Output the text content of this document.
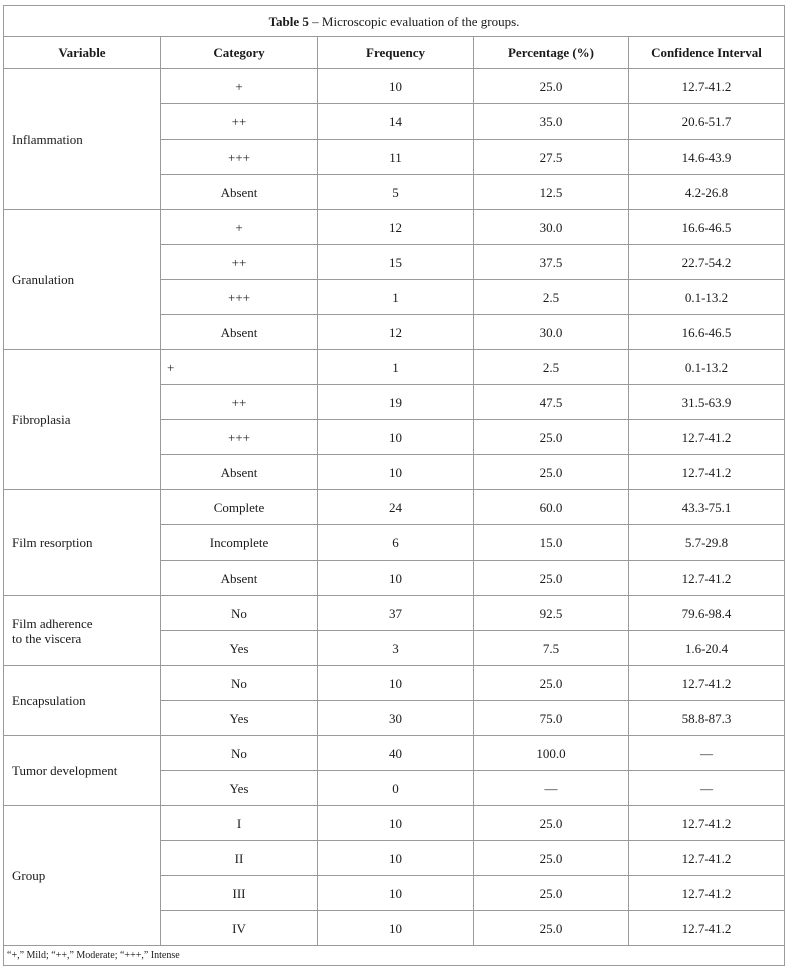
Table 5 – Microscopic evaluation of the groups.				
Variable	Category	Frequency	Percentage (%)	Confidence Interval
Inflammation	+	10	25.0	12.7-41.2
	++	14	35.0	20.6-51.7
	+++	11	27.5	14.6-43.9
	Absent	5	12.5	4.2-26.8
Granulation	+	12	30.0	16.6-46.5
	++	15	37.5	22.7-54.2
	+++	1	2.5	0.1-13.2
	Absent	12	30.0	16.6-46.5
Fibroplasia	+	1	2.5	0.1-13.2
	++	19	47.5	31.5-63.9
	+++	10	25.0	12.7-41.2
	Absent	10	25.0	12.7-41.2
Film resorption	Complete	24	60.0	43.3-75.1
	Incomplete	6	15.0	5.7-29.8
	Absent	10	25.0	12.7-41.2
Film adherence
to the viscera	No	37	92.5	79.6-98.4
	Yes	3	7.5	1.6-20.4
Encapsulation	No	10	25.0	12.7-41.2
	Yes	30	75.0	58.8-87.3
Tumor development	No	40	100.0	—
	Yes	0	—	—
Group	I	10	25.0	12.7-41.2
	II	10	25.0	12.7-41.2
	III	10	25.0	12.7-41.2
	IV	10	25.0	12.7-41.2
“+,” Mild; “++,” Moderate; “+++,” Intense				
